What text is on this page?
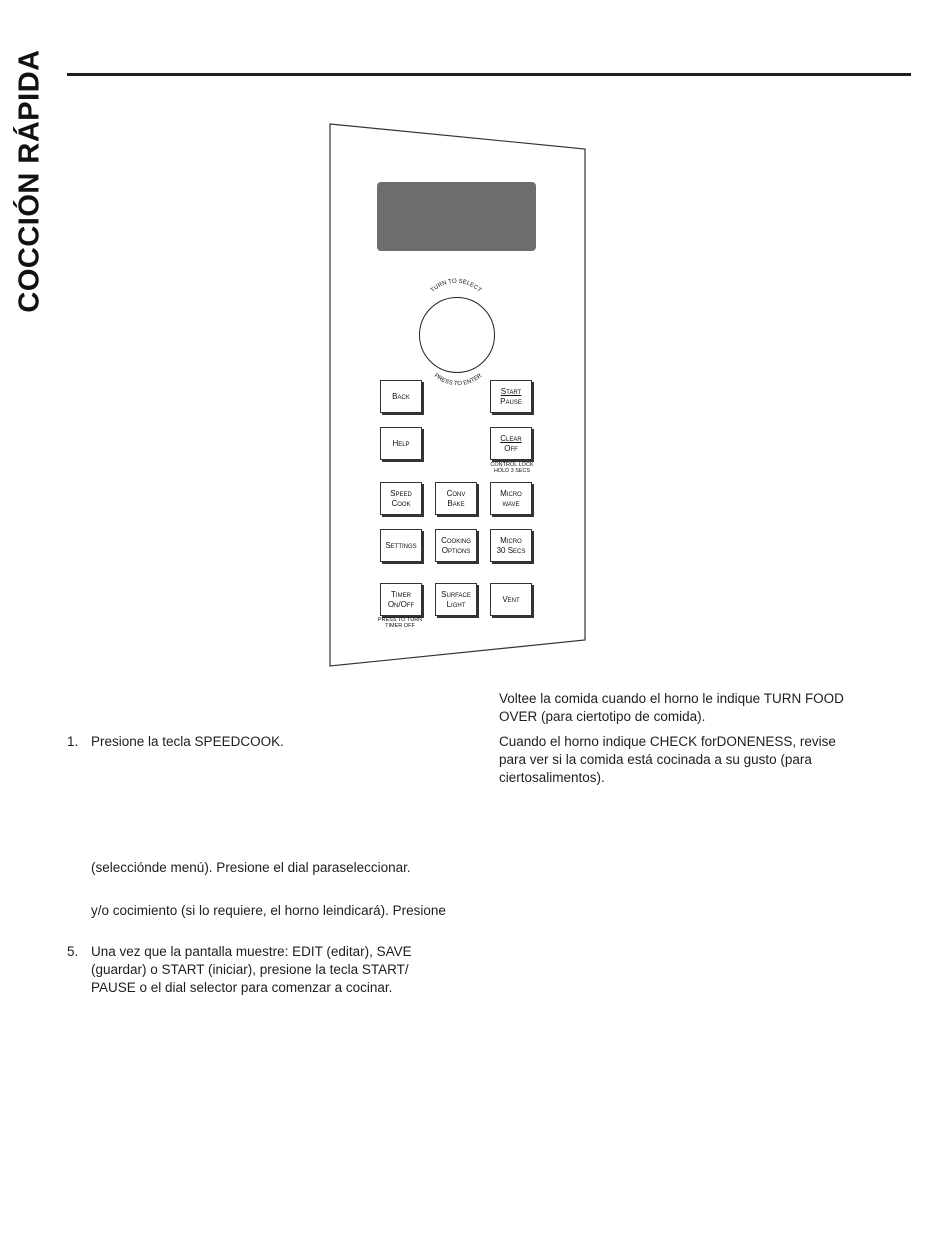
COCCIÓN RÁPIDA	TURN TO SELECT
PRESS TO ENTER
Back
Start
Pause
Help
Clear
Off
CONTROL LOCK
HOLD 3 SECS
Speed
Cook
Conv
Bake
Micro
wave
Settings
Cooking
Options
Micro
30 Secs
Timer
On/Off
PRESS TO TURN
TIMER OFF
Surface
Light
Vent
1. Presione la tecla SPEEDCOOK.
(seleccióndе menú). Presione el dial paraseleccionar.
y/o cocimiento (si lo requiere, el horno leindicará). Presione
5. Una vez que la pantalla muestre: EDIT (editar), SAVE
(guardar) o START (iniciar), presione la tecla START/
PAUSE o el dial selector para comenzar a cocinar.
Voltee la comida cuando el horno le indique TURN FOOD
OVER (para ciertotipo de comida).
Cuando el horno indique CHECK forDONENESS, revise
para ver si la comida está cocinada a su gusto (para
ciertosalimentos).
